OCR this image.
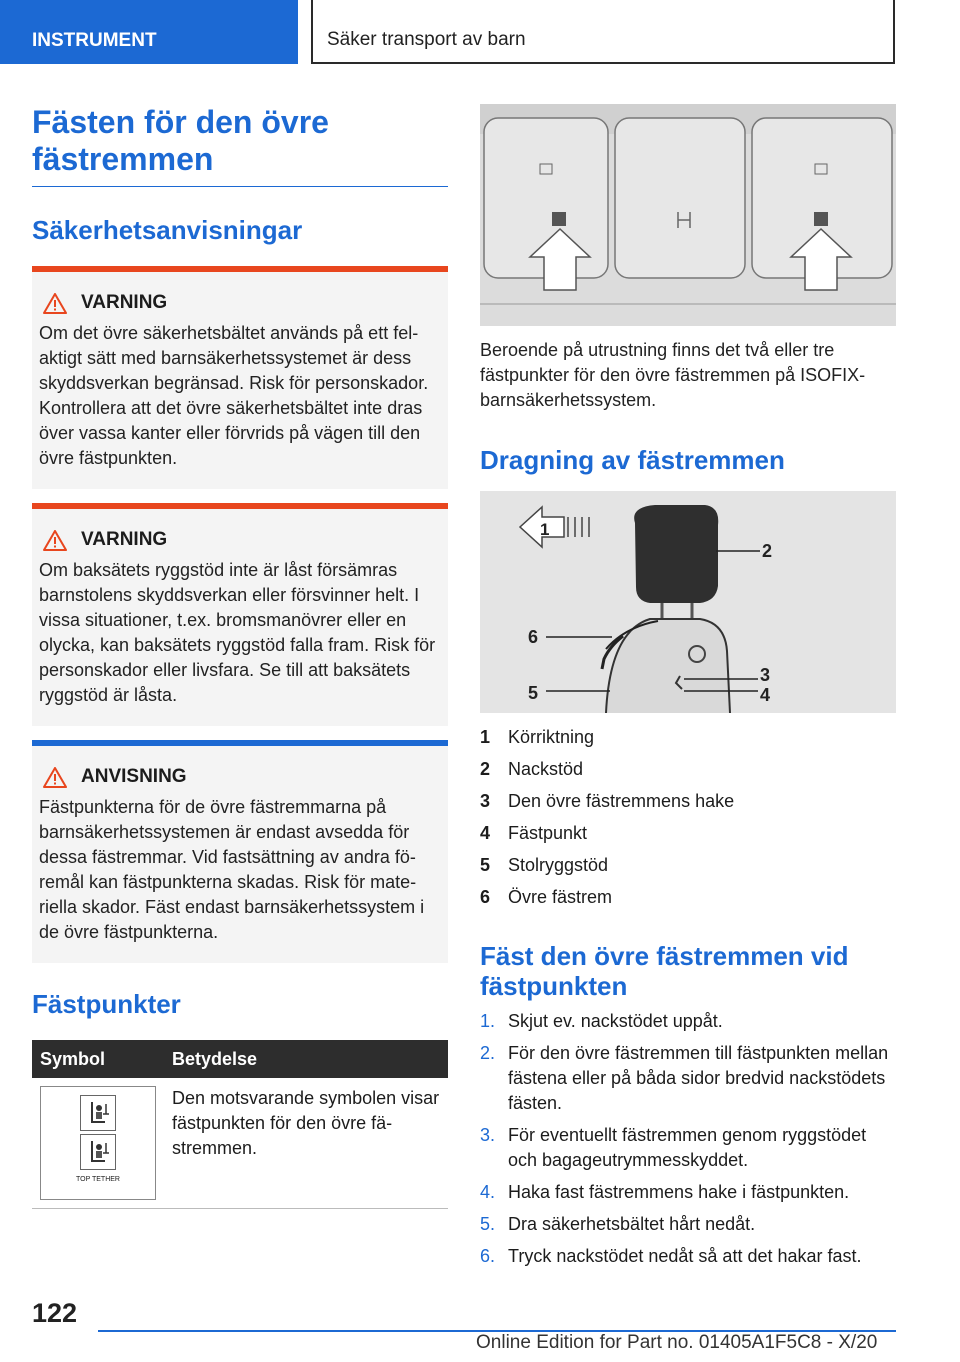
INSTRUMENT	Säker transport av barn
Fästen för den övre fästremmen
Säkerhetsanvisningar
VARNING
Om det övre säkerhetsbältet används på ett felaktigt sätt med barnsäkerhetssystemet är dess skyddsverkan begränsad. Risk för personskador. Kontrollera att det övre säkerhetsbältet inte dras över vassa kanter eller förvrids på vägen till den övre fästpunkten.
VARNING
Om baksätets ryggstöd inte är låst försämras barnstolens skyddsverkan eller försvinner helt. I vissa situationer, t.ex. bromsmanövrer eller en olycka, kan baksätets ryggstöd falla fram. Risk för personskador eller livsfara. Se till att baksätets ryggstöd är låsta.
ANVISNING
Fästpunkterna för de övre fästremmarna på barnsäkerhetssystemen är endast avsedda för dessa fästremmar. Vid fastsättning av andra föremål kan fästpunkterna skadas. Risk för materiella skador. Fäst endast barnsäkerhetssystem i de övre fästpunkterna.
Fästpunkter
Symbol	Betydelse

TOP TETHER	Den motsvarande symbolen visar fästpunkten för den övre fästremmen.

Beroende på utrustning finns det två eller tre fästpunkter för den övre fästremmen på ISOFIX-barnsäkerhetssystem.

Dragning av fästremmen
1
2
6
3
4
5
1 Körriktning
2 Nackstöd
3 Den övre fästremmens hake
4 Fästpunkt
5 Stolryggstöd
6 Övre fästrem
Fäst den övre fästremmen vid fästpunkten
1. Skjut ev. nackstödet uppåt.
2. För den övre fästremmen till fästpunkten mellan fästena eller på båda sidor bredvid nackstödets fästen.
3. För eventuellt fästremmen genom ryggstödet och bagageutrymmesskyddet.
4. Haka fast fästremmens hake i fästpunkten.
5. Dra säkerhetsbältet hårt nedåt.
6. Tryck nackstödet nedåt så att det hakar fast.
122
Online Edition for Part no. 01405A1F5C8 - X/20
